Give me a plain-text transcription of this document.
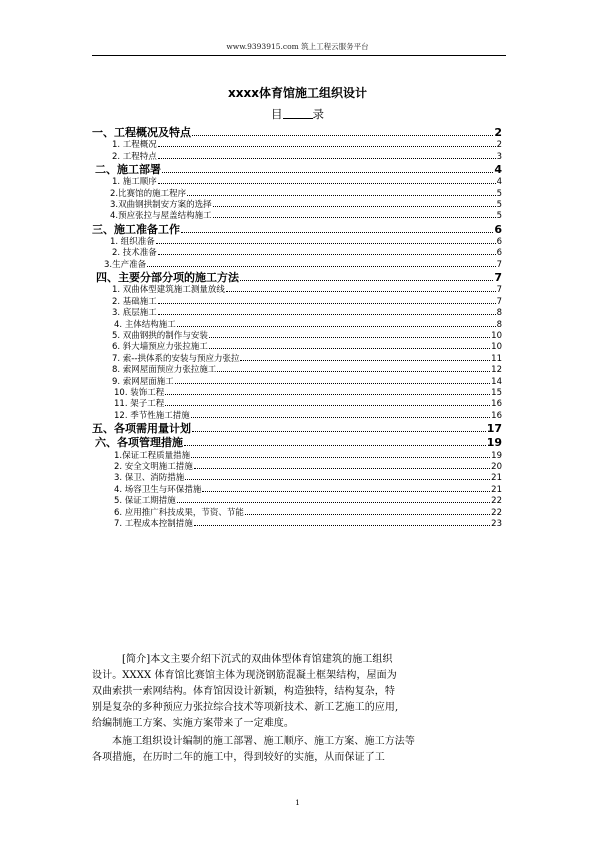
www.9393915.com 筑上工程云服务平台
xxxx体育馆施工组织设计
目	录
一、工程概况及特点	2
1. 工程概况	2
2. 工程特点	3
二、施工部署	4
1. 施工顺序	4
2.比赛馆的施工程序	5
3.双曲钢拱制安方案的选择	5
4.预应张拉与屋盖结构施工	5
三、施工准备工作	6
1. 组织准备	6
2. 技术准备	6
3.生产准备	7
四、主要分部分项的施工方法	7
1. 双曲体型建筑施工测量放线	7
2. 基础施工	7
3. 底层施工	8
4. 主体结构施工	8
5. 双曲钢拱的制作与安装	10
6. 斜大墙预应力张拉施工	10
7. 索--拱体系的安装与预应力张拉	11
8. 索网屋面预应力张拉施工	12
9. 索网屋面施工	14
10. 装饰工程	15
11. 架子工程	16
12. 季节性施工措施	16
五、各项需用量计划	17
六、各项管理措施	19
1.保证工程质量措施	19
2. 安全文明施工措施	20
3. 保卫、消防措施	21
4. 场容卫生与环保措施	21
5. 保证工期措施	22
6. 应用推广科技成果，节资、节能	22
7. 工程成本控制措施	23
[简介]本文主要介绍下沉式的双曲体型体育馆建筑的施工组织
设计。XXXX 体育馆比赛馆主体为现浇钢筋混凝土框架结构，屋面为
双曲索拱一索网结构。体育馆因设计新颖，构造独特，结构复杂，特
别是复杂的多种预应力张拉综合技术等项新技术、新工艺施工的应用,
给编制施工方案、实施方案带来了一定难度。
本施工组织设计编制的施工部署、施工顺序、施工方案、施工方法等
各项措施，在历时二年的施工中，得到较好的实施，从而保证了工
1
